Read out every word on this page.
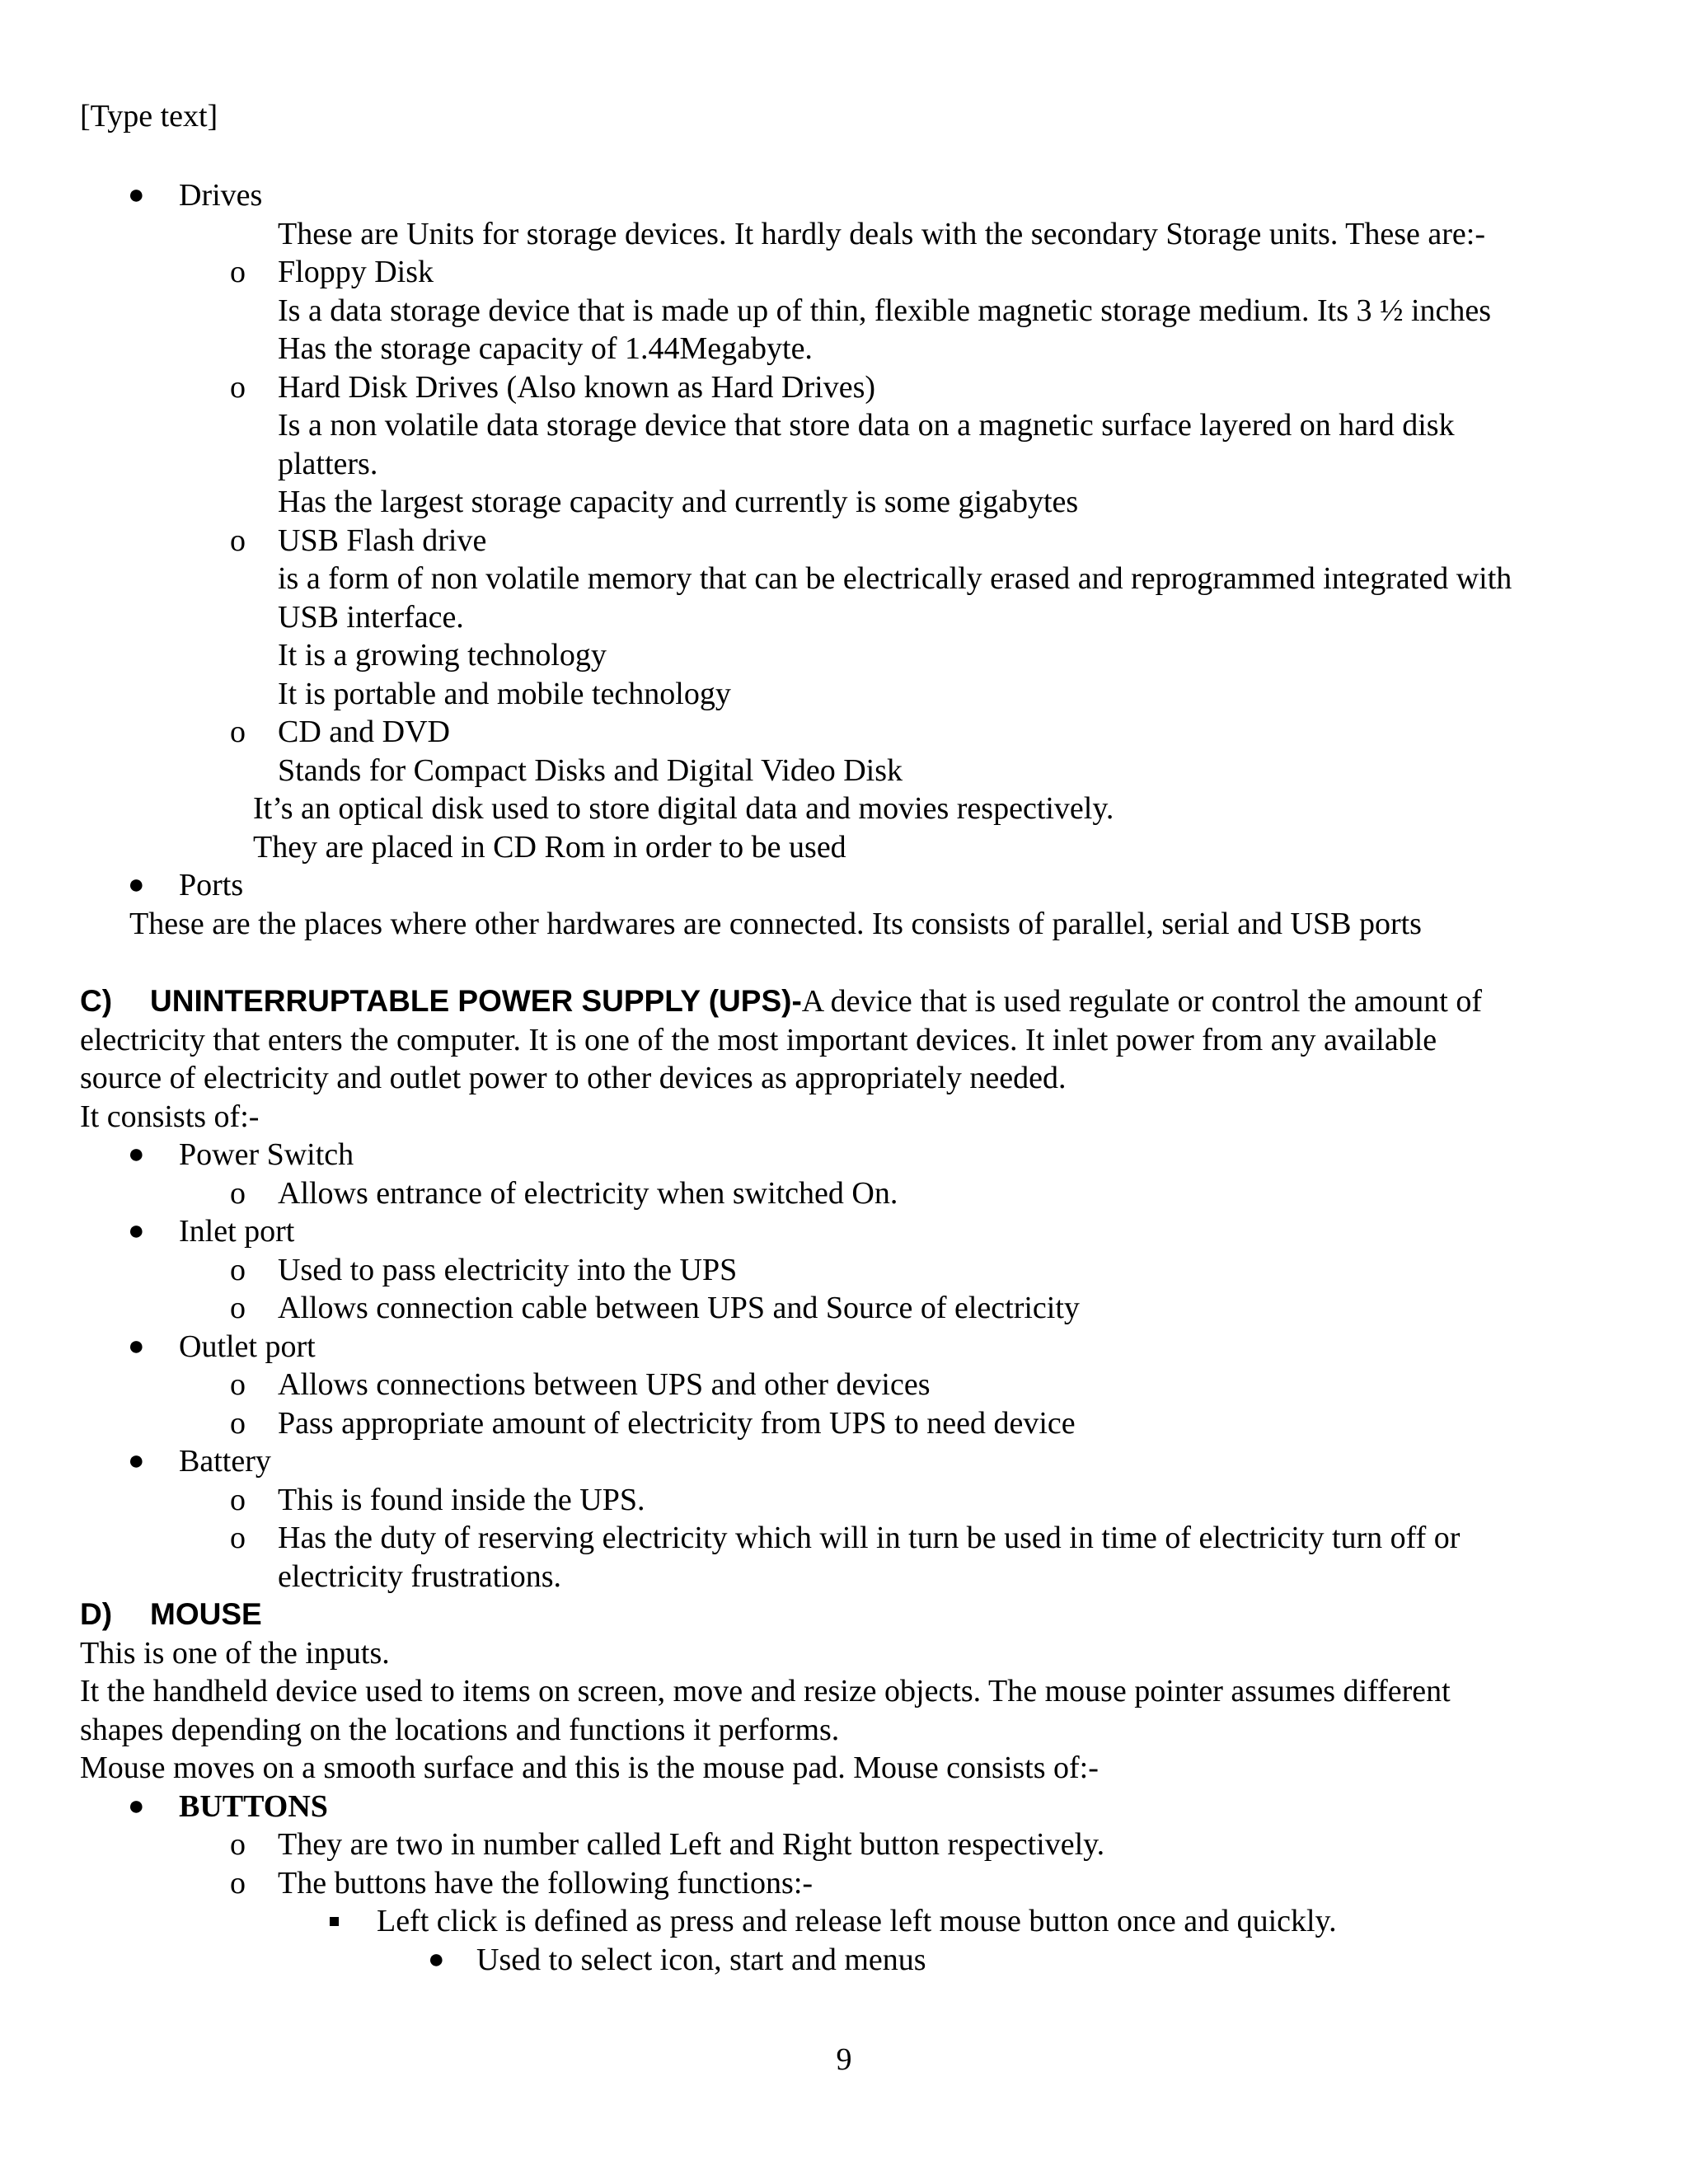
[Type text]
● Drives
These are Units for storage devices. It hardly deals with the secondary Storage units. These are:-
o Floppy Disk
Is a data storage device that is made up of thin, flexible magnetic storage medium. Its 3 ½ inches
Has the storage capacity of 1.44Megabyte.
o Hard Disk Drives (Also known as Hard Drives)
Is a non volatile data storage device that store data on a magnetic surface layered on hard disk
platters.
Has the largest storage capacity and currently is some gigabytes
o USB Flash drive
is a form of non volatile memory that can be electrically erased and reprogrammed integrated with
USB interface.
It is a growing technology
It is portable and mobile technology
o CD and DVD
Stands for Compact Disks and Digital Video Disk
It’s an optical disk used to store digital data and movies respectively.
They are placed in CD Rom in order to be used
● Ports
These are the places where other hardwares are connected. Its consists of parallel, serial and USB ports
C) UNINTERRUPTABLE POWER SUPPLY (UPS)-A device that is used regulate or control the amount of
electricity that enters the computer. It is one of the most important devices. It inlet power from any available
source of electricity and outlet power to other devices as appropriately needed.
It consists of:-
● Power Switch
o Allows entrance of electricity when switched On.
● Inlet port
o Used to pass electricity into the UPS
o Allows connection cable between UPS and Source of electricity
● Outlet port
o Allows connections between UPS and other devices
o Pass appropriate amount of electricity from UPS to need device
● Battery
o This is found inside the UPS.
o Has the duty of reserving electricity which will in turn be used in time of electricity turn off or
electricity frustrations.
D) MOUSE
This is one of the inputs.
It the handheld device used to items on screen, move and resize objects. The mouse pointer assumes different
shapes depending on the locations and functions it performs.
Mouse moves on a smooth surface and this is the mouse pad. Mouse consists of:-
● BUTTONS
o They are two in number called Left and Right button respectively.
o The buttons have the following functions:-
Left click is defined as press and release left mouse button once and quickly.
● Used to select icon, start and menus
9
